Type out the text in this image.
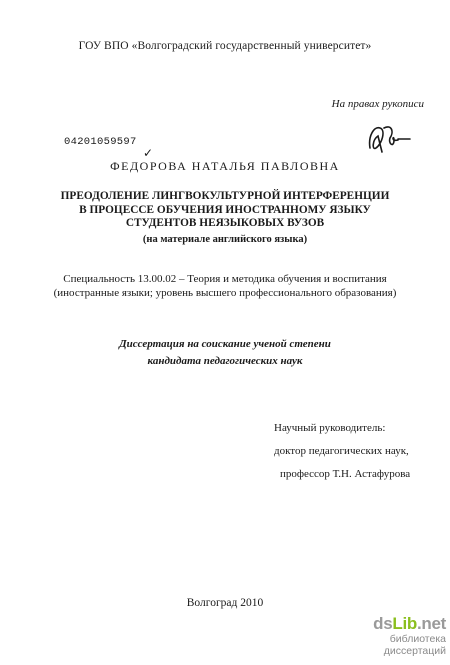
ГОУ ВПО «Волгоградский государственный университет»
На правах рукописи
04201059597
✓
ФЕДОРОВА НАТАЛЬЯ ПАВЛОВНА
ПРЕОДОЛЕНИЕ ЛИНГВОКУЛЬТУРНОЙ ИНТЕРФЕРЕНЦИИ
В ПРОЦЕССЕ ОБУЧЕНИЯ ИНОСТРАННОМУ ЯЗЫКУ
СТУДЕНТОВ НЕЯЗЫКОВЫХ ВУЗОВ
(на материале английского языка)
Специальность 13.00.02 – Теория и методика обучения и воспитания
(иностранные языки; уровень высшего профессионального образования)
Диссертация на соискание ученой степени
кандидата педагогических наук
Научный руководитель:
доктор педагогических наук,
профессор Т.Н. Астафурова
Волгоград 2010
dsLib.net
библиотека диссертаций
